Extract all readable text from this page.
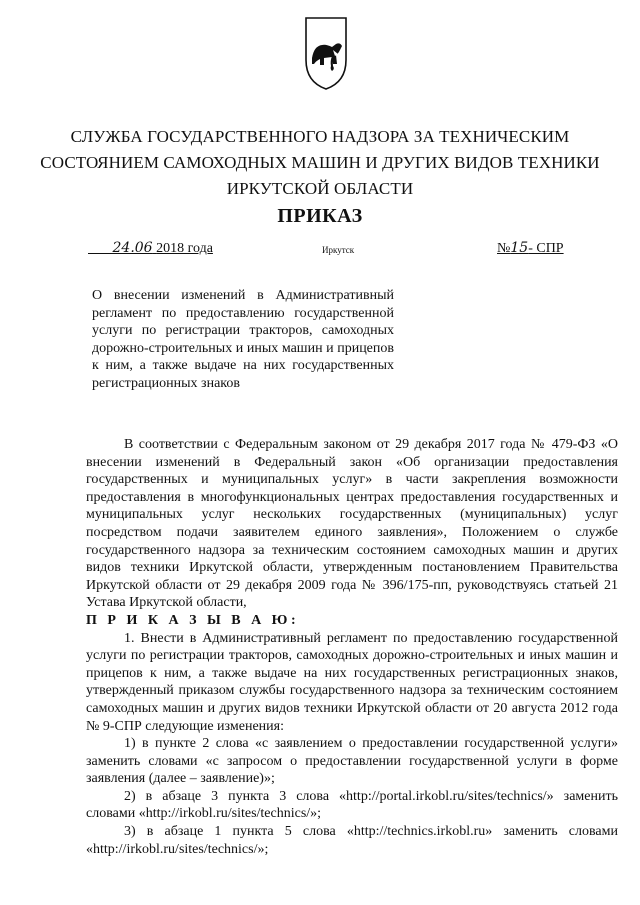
СЛУЖБА ГОСУДАРСТВЕННОГО НАДЗОРА ЗА ТЕХНИЧЕСКИМ
СОСТОЯНИЕМ САМОХОДНЫХ МАШИН И ДРУГИХ ВИДОВ ТЕХНИКИ
ИРКУТСКОЙ ОБЛАСТИ
ПРИКАЗ
24.06 2018 года	Иркутск	№15- СПР
О внесении изменений в Административный регламент по предоставлению государственной услуги по регистрации тракторов, самоходных дорожно-строительных и иных машин и прицепов к ним, а также выдаче на них государственных регистрационных знаков

В соответствии с Федеральным законом от 29 декабря 2017 года № 479-ФЗ «О внесении изменений в Федеральный закон «Об организации предоставления государственных и муниципальных услуг» в части закрепления возможности предоставления в многофункциональных центрах предоставления государственных и муниципальных услуг нескольких государственных (муниципальных) услуг посредством подачи заявителем единого заявления», Положением о службе государственного надзора за техническим состоянием самоходных машин и других видов техники Иркутской области, утвержденным постановлением Правительства Иркутской области от 29 декабря 2009 года № 396/175-пп, руководствуясь статьей 21 Устава Иркутской области,

П Р И К А З Ы В А Ю:

1. Внести в Административный регламент по предоставлению государственной услуги по регистрации тракторов, самоходных дорожно-строительных и иных машин и прицепов к ним, а также выдаче на них государственных регистрационных знаков, утвержденный приказом службы государственного надзора за техническим состоянием самоходных машин и других видов техники Иркутской области от 20 августа 2012 года № 9-СПР следующие изменения:

1) в пункте 2 слова «с заявлением о предоставлении государственной услуги» заменить словами «с запросом о предоставлении государственной услуги в форме заявления (далее – заявление)»;

2) в абзаце 3 пункта 3 слова «http://portal.irkobl.ru/sites/technics/» заменить словами «http://irkobl.ru/sites/technics/»;

3) в абзаце 1 пункта 5 слова «http://technics.irkobl.ru» заменить словами «http://irkobl.ru/sites/technics/»;
